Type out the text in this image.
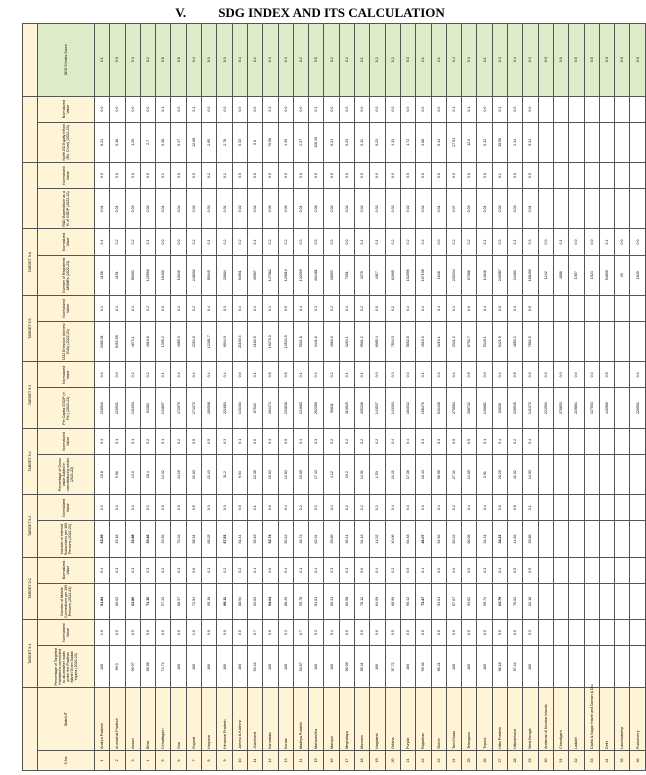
V. SDG INDEX AND ITS CALCULATION
		TARGET 9.1		TARGET 9.C		TARGET 9.2		TARGET 9.4		TARGET 9.3		TARGET 9.5		TARGET 9.A						
S.No	State/UT	Percentage of Targeted Habitations connected to all-weather roads under the Pradhan Mantri Gram Sadak Yojana (2022-23)	Normalized Value	Number of Mobile Connections per 100 Persons (2022-23)	Normalized Value	Number of Internet Subscribers per 100 Persons (2022-23)	Normalized Value	Percentage of Gross Value Added in manufacturing sector (2021-22)	Normalized Value	Per Capita GSDP (in Rs.) (2022-23)	Normalized Value	CO2 Emission (tonnes/ GVA) (2022-23)	Normalized Value	Number of Registered MSMEs (2022-23)	Normalized Value	R&D Expenditure as a % of GSDP (2022-23)	Normalized Value	North-ED Equity Inflow (Rs. Crore) (2022-23)	Normalized Value	SDG 9 Index Score
1	Andhra Pradesh	100	1.0	91.84	0.4	63.99	0.3	15.8	0.3	218926	0.3	3365.91	0.1	4158	0.1	0.01	0.0	8.21	0.0	0.1
2	Arunachal Pradesh	99.0	0.0	66.63	0.3	45.18	0.3	9.06	0.1	210931	0.0	5452.59	0.1	4151	0.2	0.01	0.0	0.16	0.0	0.0
3	Assam	99.07	0.5	63.86	0.3	33.88	0.3	13.0	0.1	131003	0.2	4873.1	0.1	85093	0.2	0.03	0.0	1.29	0.0	0.3
4	Bihar	99.58	0.0	71.10	0.3	33.46	0.3	18.4	0.2	54383	0.2	4919.8	0.2	125566	0.1	0.02	0.0	2.7	0.0	0.2
5	Chhattisgarh	74.73	0.0	57.33	0.2	33.93	0.0	14.32	0.1	133897	0.1	1305.2	0.0	18400	0.0	0.01	0.1	0.38	0.1	0.5
6	Goa	100	0.0	88.37	0.3	70.33	0.0	44.15	0.2	472070	0.3	4985.0	0.2	10046	0.0	0.04	0.0	0.47	0.0	0.5
7	Gujarat	100	1.0	72.94	0.6	58.91	0.5	33.63	0.5	274373	0.4	2354.0	0.2	248002	0.2	0.03	0.0	12.68	0.1	0.4
8	Haryana	100	0.0	95.19	0.1	68.25	0.3	22.43	0.5	280508	0.4	12381.7	0.4	85045	0.1	0.03	0.2	2.95	0.0	0.3
9	Himachal Pradesh	100	0.0	99.11	0.2	67.51	0.3	31.2	0.3	221883	0.4	9034.9	0.3	25684	0.2	0.01	0.1	2.78	0.0	0.3
10	Jammu & Kashmir	100	0.0	88.54	0.2	51.44	0.5	9.03	0.1	143403	0.0	21100.4	0.4	64561	0.2	0.02	0.0	0.33	0.0	0.4
11	Jharkhand	93.22	0.7	63.63	0.1	35.15	0.1	22.35	0.0	87632	0.1	2183.5	0.1	40567	0.1	0.02	0.0	0.6	0.0	0.2
12	Karnataka	100	0.0	94.04	0.0	62.74	0.0	16.03	0.3	304474	0.5	19270.0	0.1	147962	0.2	0.06	0.0	70.56	0.3	0.3
13	Kerala	100	0.3	88.45	0.4	50.42	0.4	12.83	0.5	233836	0.5	13534.5	0.5	129810	0.2	0.05	0.0	4.39	0.0	0.3
14	Madhya Pradesh	93.87	0.7	55.78	0.1	36.73	0.2	15.09	0.4	124685	0.1	5521.8	0.4	132059	0.3	0.01	0.0	2.37	0.0	0.2
15	Maharashtra	100	0.3	81.81	0.4	62.34	0.3	17.43	0.3	252389	0.3	3441.6	0.3	462481	0.5	0.08	0.0	118.19	0.1	0.5
16	Manipur	100	0.4	50.31	0.3	35.66	0.4	4.12	0.2	96811	0.2	4963.0	0.2	28053	0.3	0.02	0.0	0.31	0.0	0.2
17	Meghalaya	96.09	0.0	60.58	0.3	36.41	0.2	10.2	0.2	110925	0.1	3264.1	0.1	7051	0.0	0.02	0.0	0.23	0.0	0.2
18	Mizoram	95.31	0.0	78.12	0.0	54.13	0.2	12.91	0.2	205236	0.1	9561.2	0.2	3279	0.1	0.02	0.0	0.11	0.0	0.1
19	Nagaland	100	0.6	64.09	0.4	41.52	0.2	1.53	0.2	143537	0.0	6985.4	0.0	4017	0.1	0.02	0.0	0.23	0.0	0.2
20	Odisha	97.72	0.5	68.99	0.2	40.06	0.4	24.21	0.4	143303	0.3	7834.5	0.2	62695	0.2	0.02	0.0	4.13	0.0	0.2
21	Punjab	100	0.0	95.42	0.5	64.48	0.3	17.36	0.4	184032	0.3	5802.8	0.1	102895	0.2	0.02	0.0	1.72	0.0	0.3
22	Rajasthan	99.36	0.0	73.47	0.4	46.07	0.3	16.43	0.3	158476	0.1	4516.0	0.2	167196	0.2	0.02	0.0	3.68	0.0	0.1
23	Sikkim	96.21	0.0	93.01	0.0	54.92	0.4	56.55	0.3	540436	0.3	3219.1	0.4	1848	0.0	0.01	0.0	0.14	0.0	0.1
24	Tamil Nadu	100	0.0	87.67	0.0	60.32	0.2	27.31	0.5	275583	0.4	3321.3	0.1	235234	0.2	0.07	0.0	27.51	0.1	0.4
25	Telangana	100	0.0	93.62	0.0	66.05	0.4	14.65	0.5	308732	0.5	6793.7	0.0	67088	0.2	0.03	0.0	12.6	0.1	0.3
26	Tripura	100	0.0	59.74	0.3	34.21	0.4	3.91	0.1	140681	0.0	5349.1	0.4	14848	0.1	0.01	0.0	0.12	0.0	0.1
27	Uttar Pradesh	98.18	0.5	63.79	0.4	34.21	0.0	18.25	0.4	83636	0.4	5421.9	0.0	246987	0.3	0.02	0.1	15.56	0.1	0.3
28	Uttarakhand	97.43	0.0	76.02	0.5	44.83	0.6	41.02	0.2	230945	0.5	4853.2	0.3	24483	0.1	0.03	0.0	2.14	0.0	0.4
29	West Bengal	100	0.3	62.18	0.5	39.88	0.1	14.93	0.4	141373	0.3	7862.5	0.5	188490	0.3	0.01	0.0	9.34	0.0	0.3
30	Andaman & Nicobar Islands									224903	0.3			1242	0.0					0.0
31	Chandigarh									378853	0.0			4888	0.1					0.0
32	Ladakh									219861	0.0			1067	0.0					0.0
33	Dadra & Nagar Haveli and Daman & Diu									427553	0.3			1524	0.0					0.0
34	Delhi									443960	0.5			54809	0.1					0.0
35	Lakshadweep													35	0.0					0.0
36	Puducherry									226501	0.3			1849	0.0					0.0
